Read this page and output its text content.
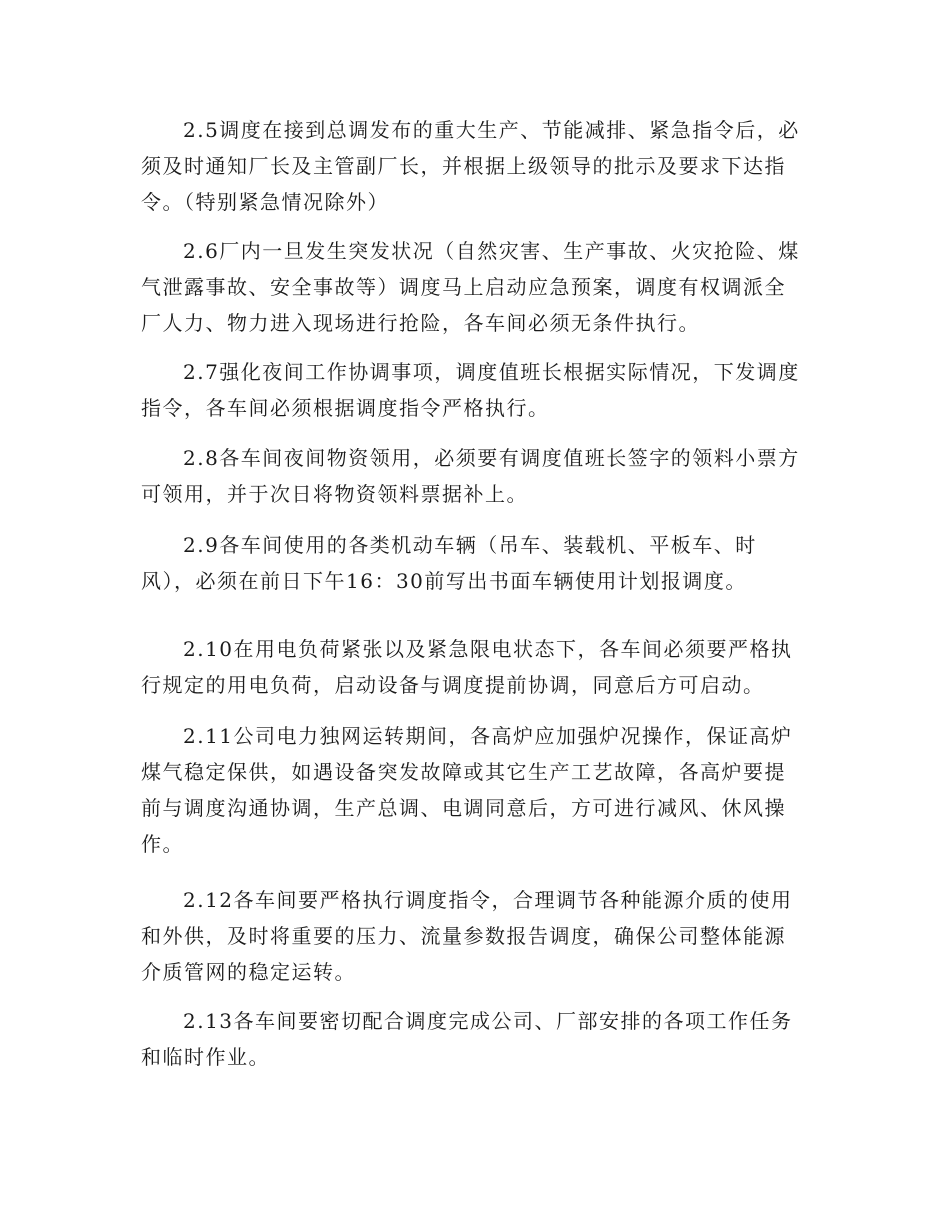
2.5调度在接到总调发布的重大生产、节能减排、紧急指令后，必
须及时通知厂长及主管副厂长，并根据上级领导的批示及要求下达指
令。（特别紧急情况除外）

2.6厂内一旦发生突发状况（自然灾害、生产事故、火灾抢险、煤
气泄露事故、安全事故等）调度马上启动应急预案，调度有权调派全
厂人力、物力进入现场进行抢险，各车间必须无条件执行。

2.7强化夜间工作协调事项，调度值班长根据实际情况，下发调度
指令，各车间必须根据调度指令严格执行。

2.8各车间夜间物资领用，必须要有调度值班长签字的领料小票方
可领用，并于次日将物资领料票据补上。

2.9各车间使用的各类机动车辆（吊车、装载机、平板车、时
风），必须在前日下午16：30前写出书面车辆使用计划报调度。

2.10在用电负荷紧张以及紧急限电状态下，各车间必须要严格执
行规定的用电负荷，启动设备与调度提前协调，同意后方可启动。

2.11公司电力独网运转期间，各高炉应加强炉况操作，保证高炉
煤气稳定保供，如遇设备突发故障或其它生产工艺故障，各高炉要提
前与调度沟通协调，生产总调、电调同意后，方可进行减风、休风操
作。

2.12各车间要严格执行调度指令，合理调节各种能源介质的使用
和外供，及时将重要的压力、流量参数报告调度，确保公司整体能源
介质管网的稳定运转。

2.13各车间要密切配合调度完成公司、厂部安排的各项工作任务
和临时作业。
